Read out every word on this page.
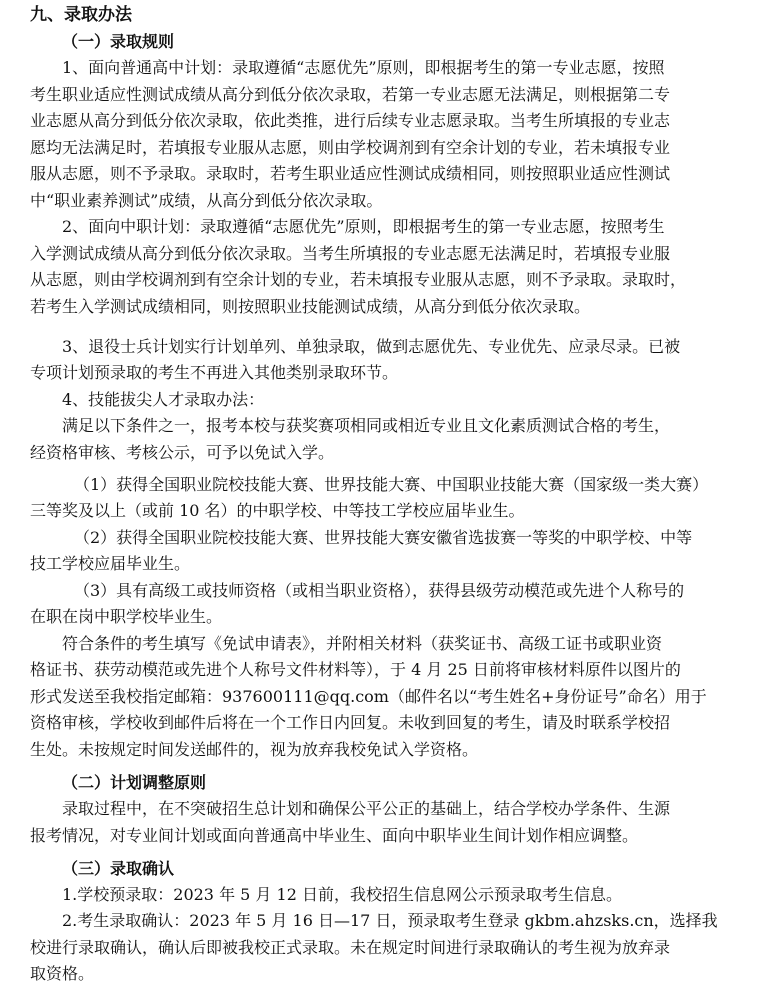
九、录取办法
（一）录取规则
1、面向普通高中计划：录取遵循“志愿优先”原则，即根据考生的第一专业志愿，按照
考生职业适应性测试成绩从高分到低分依次录取，若第一专业志愿无法满足，则根据第二专
业志愿从高分到低分依次录取，依此类推，进行后续专业志愿录取。当考生所填报的专业志
愿均无法满足时，若填报专业服从志愿，则由学校调剂到有空余计划的专业，若未填报专业
服从志愿，则不予录取。录取时，若考生职业适应性测试成绩相同，则按照职业适应性测试
中“职业素养测试”成绩，从高分到低分依次录取。
2、面向中职计划：录取遵循“志愿优先”原则，即根据考生的第一专业志愿，按照考生
入学测试成绩从高分到低分依次录取。当考生所填报的专业志愿无法满足时，若填报专业服
从志愿，则由学校调剂到有空余计划的专业，若未填报专业服从志愿，则不予录取。录取时，
若考生入学测试成绩相同，则按照职业技能测试成绩，从高分到低分依次录取。
3、退役士兵计划实行计划单列、单独录取，做到志愿优先、专业优先、应录尽录。已被
专项计划预录取的考生不再进入其他类别录取环节。
4、技能拔尖人才录取办法：
满足以下条件之一，报考本校与获奖赛项相同或相近专业且文化素质测试合格的考生，
经资格审核、考核公示，可予以免试入学。
（1）获得全国职业院校技能大赛、世界技能大赛、中国职业技能大赛（国家级一类大赛）
三等奖及以上（或前 10 名）的中职学校、中等技工学校应届毕业生。
（2）获得全国职业院校技能大赛、世界技能大赛安徽省选拔赛一等奖的中职学校、中等
技工学校应届毕业生。
（3）具有高级工或技师资格（或相当职业资格），获得县级劳动模范或先进个人称号的
在职在岗中职学校毕业生。
符合条件的考生填写《免试申请表》，并附相关材料（获奖证书、高级工证书或职业资
格证书、获劳动模范或先进个人称号文件材料等），于 4 月 25 日前将审核材料原件以图片的
形式发送至我校指定邮箱：937600111@qq.com（邮件名以“考生姓名+身份证号”命名）用于
资格审核，学校收到邮件后将在一个工作日内回复。未收到回复的考生，请及时联系学校招
生处。未按规定时间发送邮件的，视为放弃我校免试入学资格。
（二）计划调整原则
录取过程中，在不突破招生总计划和确保公平公正的基础上，结合学校办学条件、生源
报考情况，对专业间计划或面向普通高中毕业生、面向中职毕业生间计划作相应调整。
（三）录取确认
1.学校预录取：2023 年 5 月 12 日前，我校招生信息网公示预录取考生信息。
2.考生录取确认：2023 年 5 月 16 日—17 日，预录取考生登录 gkbm.ahzsks.cn，选择我
校进行录取确认，确认后即被我校正式录取。未在规定时间进行录取确认的考生视为放弃录
取资格。
